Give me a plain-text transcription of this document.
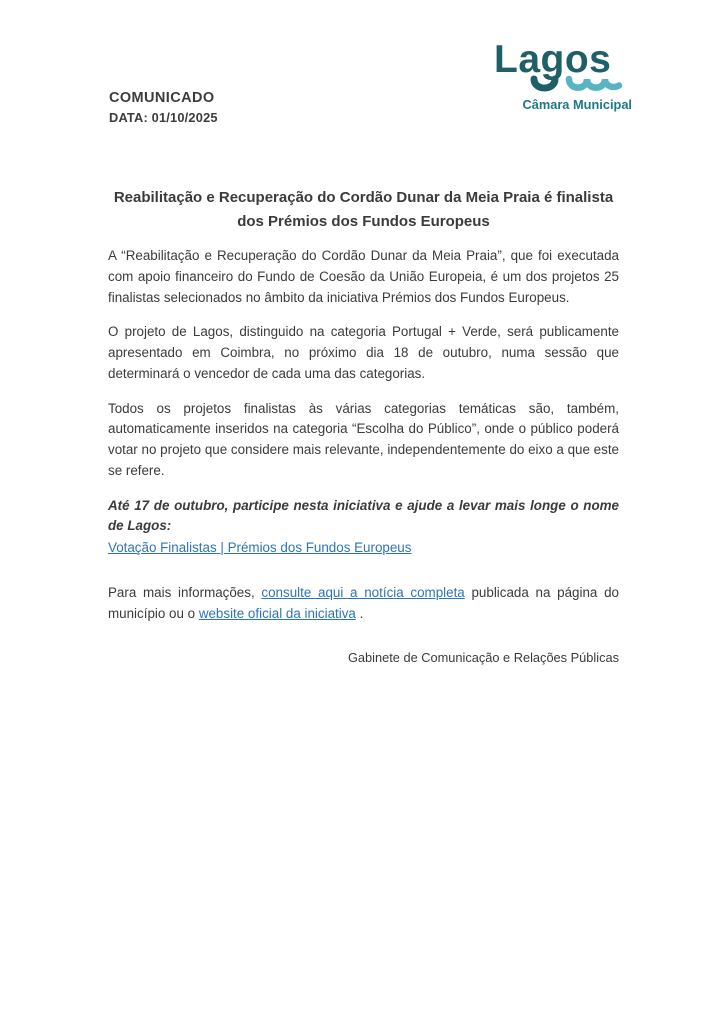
COMUNICADO
DATA: 01/10/2025
Lagos
Câmara Municipal
Reabilitação e Recuperação do Cordão Dunar da Meia Praia é finalista dos Prémios dos Fundos Europeus

A “Reabilitação e Recuperação do Cordão Dunar da Meia Praia”, que foi executada com apoio financeiro do Fundo de Coesão da União Europeia, é um dos projetos 25 finalistas selecionados no âmbito da iniciativa Prémios dos Fundos Europeus.

O projeto de Lagos, distinguido na categoria Portugal + Verde, será publicamente apresentado em Coimbra, no próximo dia 18 de outubro, numa sessão que determinará o vencedor de cada uma das categorias.

Todos os projetos finalistas às várias categorias temáticas são, também, automaticamente inseridos na categoria “Escolha do Público”, onde o público poderá votar no projeto que considere mais relevante, independentemente do eixo a que este se refere.

Até 17 de outubro, participe nesta iniciativa e ajude a levar mais longe o nome de Lagos:

Votação Finalistas | Prémios dos Fundos Europeus

Para mais informações, consulte aqui a notícia completa publicada na página do município ou o website oficial da iniciativa .

Gabinete de Comunicação e Relações Públicas
